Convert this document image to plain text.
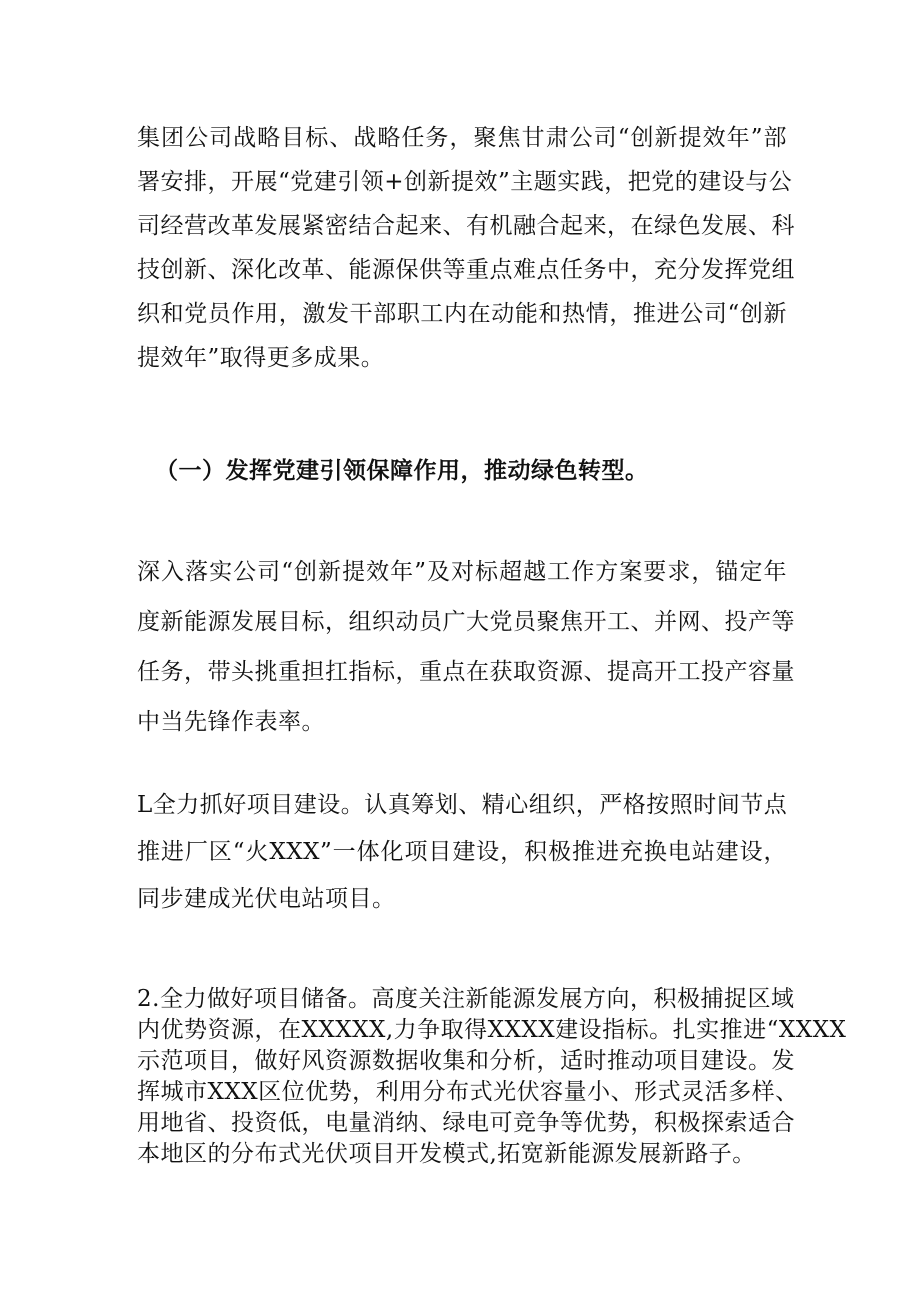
集团公司战略目标、战略任务，聚焦甘肃公司“创新提效年”部
署安排，开展“党建引领+创新提效”主题实践，把党的建设与公
司经营改革发展紧密结合起来、有机融合起来，在绿色发展、科
技创新、深化改革、能源保供等重点难点任务中，充分发挥党组
织和党员作用，激发干部职工内在动能和热情，推进公司“创新
提效年”取得更多成果。

（一）发挥党建引领保障作用，推动绿色转型。

深入落实公司“创新提效年”及对标超越工作方案要求，锚定年
度新能源发展目标，组织动员广大党员聚焦开工、并网、投产等
任务，带头挑重担扛指标，重点在获取资源、提高开工投产容量
中当先锋作表率。

L全力抓好项目建设。认真筹划、精心组织，严格按照时间节点
推进厂区“火XXX”一体化项目建设，积极推进充换电站建设，
同步建成光伏电站项目。

2.全力做好项目储备。高度关注新能源发展方向，积极捕捉区域
内优势资源，在XXXXX,力争取得XXXX建设指标。扎实推进“XXXX
示范项目，做好风资源数据收集和分析，适时推动项目建设。发
挥城市XXX区位优势，利用分布式光伏容量小、形式灵活多样、
用地省、投资低，电量消纳、绿电可竞争等优势，积极探索适合
本地区的分布式光伏项目开发模式,拓宽新能源发展新路子。
